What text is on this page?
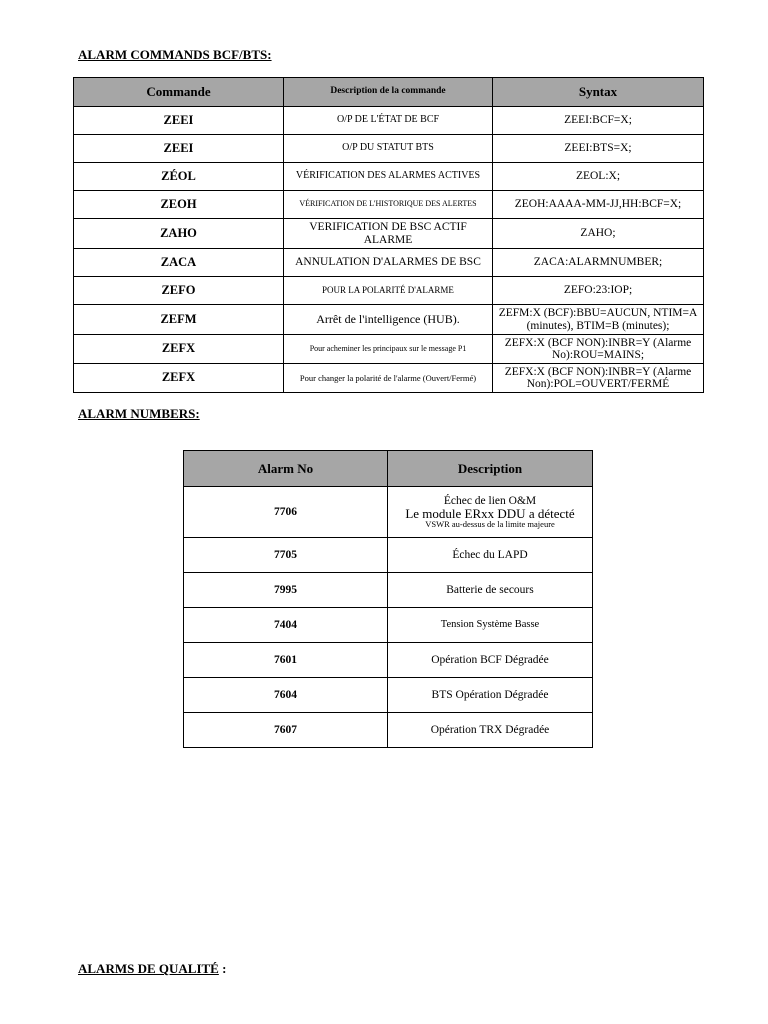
ALARM COMMANDS BCF/BTS:
Commande	Description de la commande	Syntax
ZEEI	O/P DE L'ÉTAT DE BCF	ZEEI:BCF=X;
ZEEI	O/P DU STATUT BTS	ZEEI:BTS=X;
ZÉOL	VÉRIFICATION DES ALARMES ACTIVES	ZEOL:X;
ZEOH	VÉRIFICATION DE L'HISTORIQUE DES ALERTES	ZEOH:AAAA-MM-JJ,HH:BCF=X;
ZAHO	VERIFICATION DE BSC ACTIF ALARME	ZAHO;
ZACA	ANNULATION D'ALARMES DE BSC	ZACA:ALARMNUMBER;
ZEFO	POUR LA POLARITÉ D'ALARME	ZEFO:23:IOP;
ZEFM	Arrêt de l'intelligence (HUB).	ZEFM:X (BCF):BBU=AUCUN, NTIM=A (minutes), BTIM=B (minutes);
ZEFX	Pour acheminer les principaux sur le message P1	ZEFX:X (BCF NON):INBR=Y (Alarme No):ROU=MAINS;
ZEFX	Pour changer la polarité de l'alarme (Ouvert/Fermé)	ZEFX:X (BCF NON):INBR=Y (Alarme Non):POL=OUVERT/FERMÉ
ALARM NUMBERS:
Alarm No	Description
7706	Échec de lien O&M
Le module ERxx DDU a détecté
VSWR au-dessus de la limite majeure

7705	Échec du LAPD
7995	Batterie de secours
7404	Tension Système Basse
7601	Opération BCF Dégradée
7604	BTS Opération Dégradée
7607	Opération TRX Dégradée
ALARMS DE QUALITÉ :
